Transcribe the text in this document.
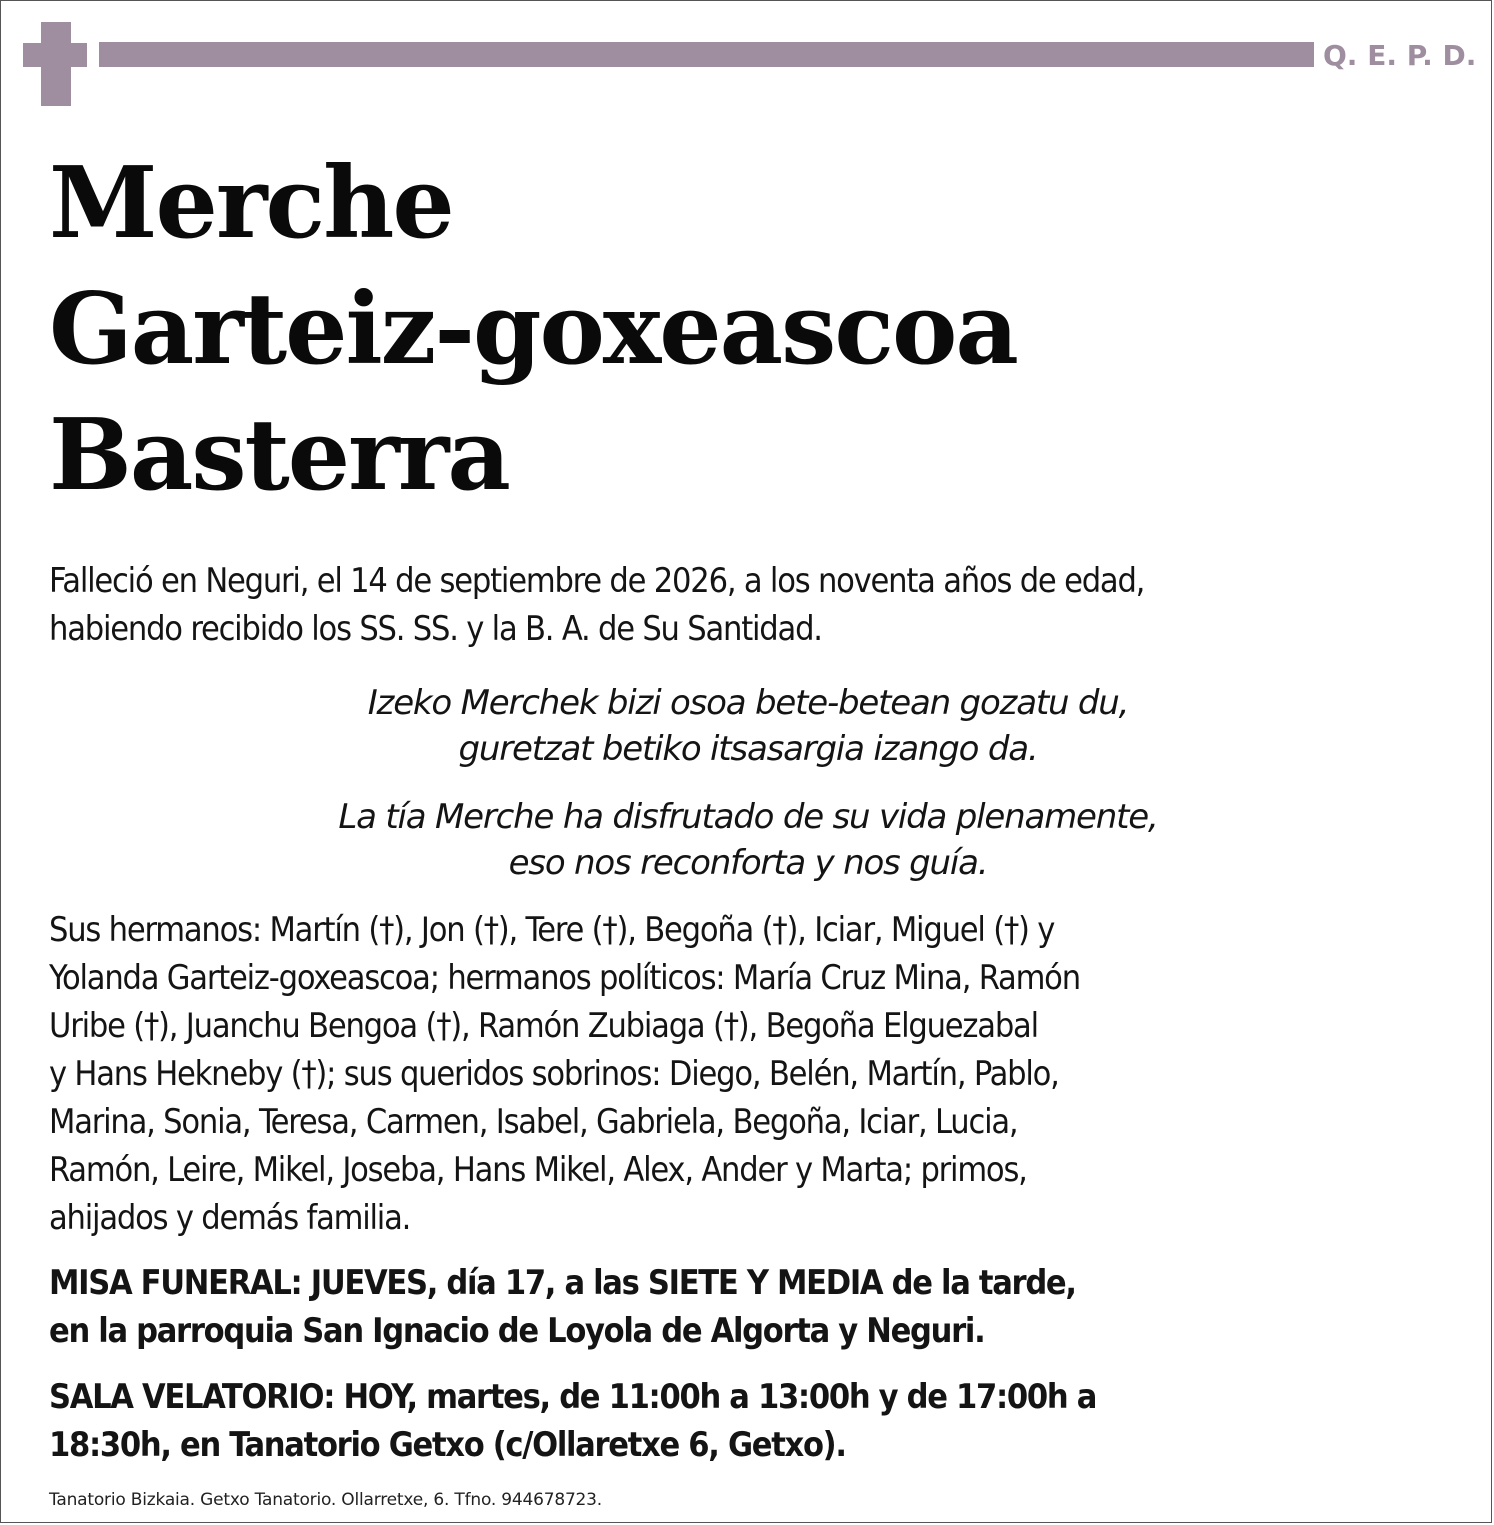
Q. E. P. D.
Merche
Garteiz-goxeascoa
Basterra
Falleció en Neguri, el 14 de septiembre de 2026, a los noventa años de edad,
habiendo recibido los SS. SS. y la B. A. de Su Santidad.
Izeko Merchek bizi osoa bete-betean gozatu du,
guretzat betiko itsasargia izango da.
La tía Merche ha disfrutado de su vida plenamente,
eso nos reconforta y nos guía.
Sus hermanos: Martín (†), Jon (†), Tere (†), Begoña (†), Iciar, Miguel (†) y
Yolanda Garteiz-goxeascoa; hermanos políticos: María Cruz Mina, Ramón
Uribe (†), Juanchu Bengoa (†), Ramón Zubiaga (†), Begoña Elguezabal
y Hans Hekneby (†); sus queridos sobrinos: Diego, Belén, Martín, Pablo,
Marina, Sonia, Teresa, Carmen, Isabel, Gabriela, Begoña, Iciar, Lucia,
Ramón, Leire, Mikel, Joseba, Hans Mikel, Alex, Ander y Marta; primos,
ahijados y demás familia.
MISA FUNERAL: JUEVES, día 17, a las SIETE Y MEDIA de la tarde,
en la parroquia San Ignacio de Loyola de Algorta y Neguri.
SALA VELATORIO: HOY, martes, de 11:00h a 13:00h y de 17:00h a
18:30h, en Tanatorio Getxo (c/Ollaretxe 6, Getxo).
Tanatorio Bizkaia. Getxo Tanatorio. Ollarretxe, 6. Tfno. 944678723.
